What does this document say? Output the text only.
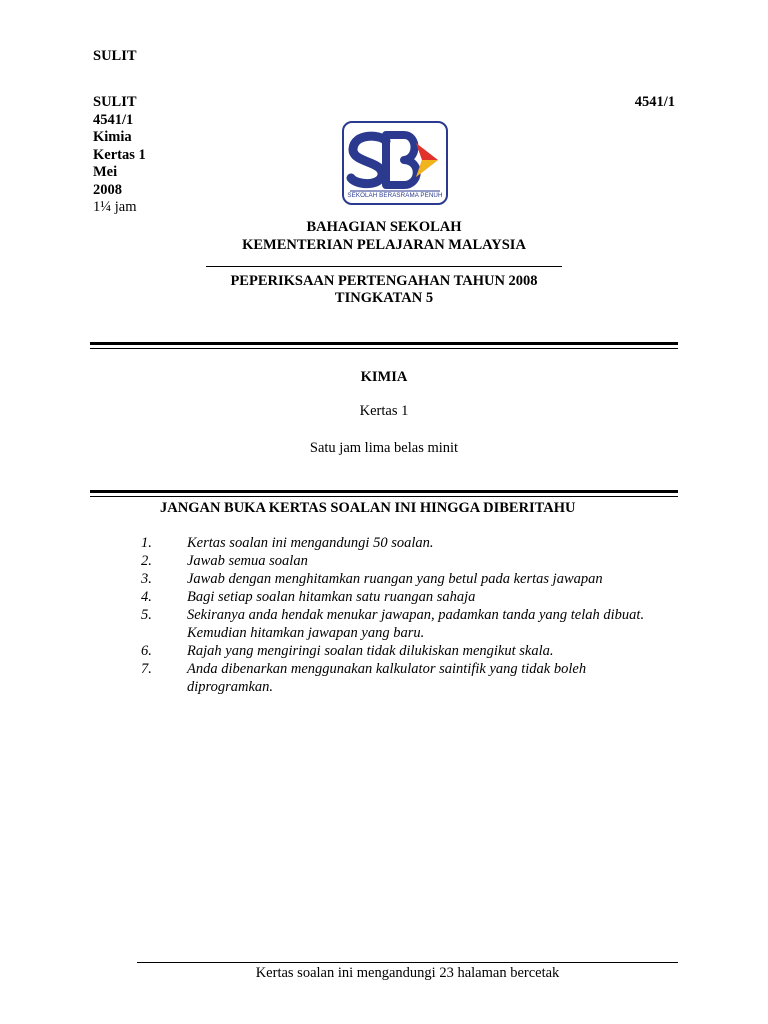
SULIT
SULIT
4541/1
Kimia
Kertas 1
Mei
2008
1¼ jam
4541/1
SEKOLAH BERASRAMA PENUH
BAHAGIAN SEKOLAH
KEMENTERIAN PELAJARAN MALAYSIA
PEPERIKSAAN PERTENGAHAN TAHUN 2008
TINGKATAN 5
KIMIA
Kertas 1
Satu jam lima belas minit
JANGAN BUKA KERTAS SOALAN INI HINGGA DIBERITAHU
1.	Kertas soalan ini mengandungi 50 soalan.
2.	Jawab semua soalan
3.	Jawab dengan menghitamkan ruangan yang betul pada kertas jawapan
4.	Bagi setiap soalan hitamkan satu ruangan sahaja
5.	Sekiranya anda hendak menukar jawapan, padamkan tanda yang telah dibuat.
Kemudian hitamkan jawapan yang baru.
6.	Rajah yang mengiringi soalan tidak dilukiskan mengikut skala.
7.	Anda dibenarkan menggunakan kalkulator saintifik yang tidak boleh
diprogramkan.
Kertas soalan ini mengandungi 23 halaman bercetak
